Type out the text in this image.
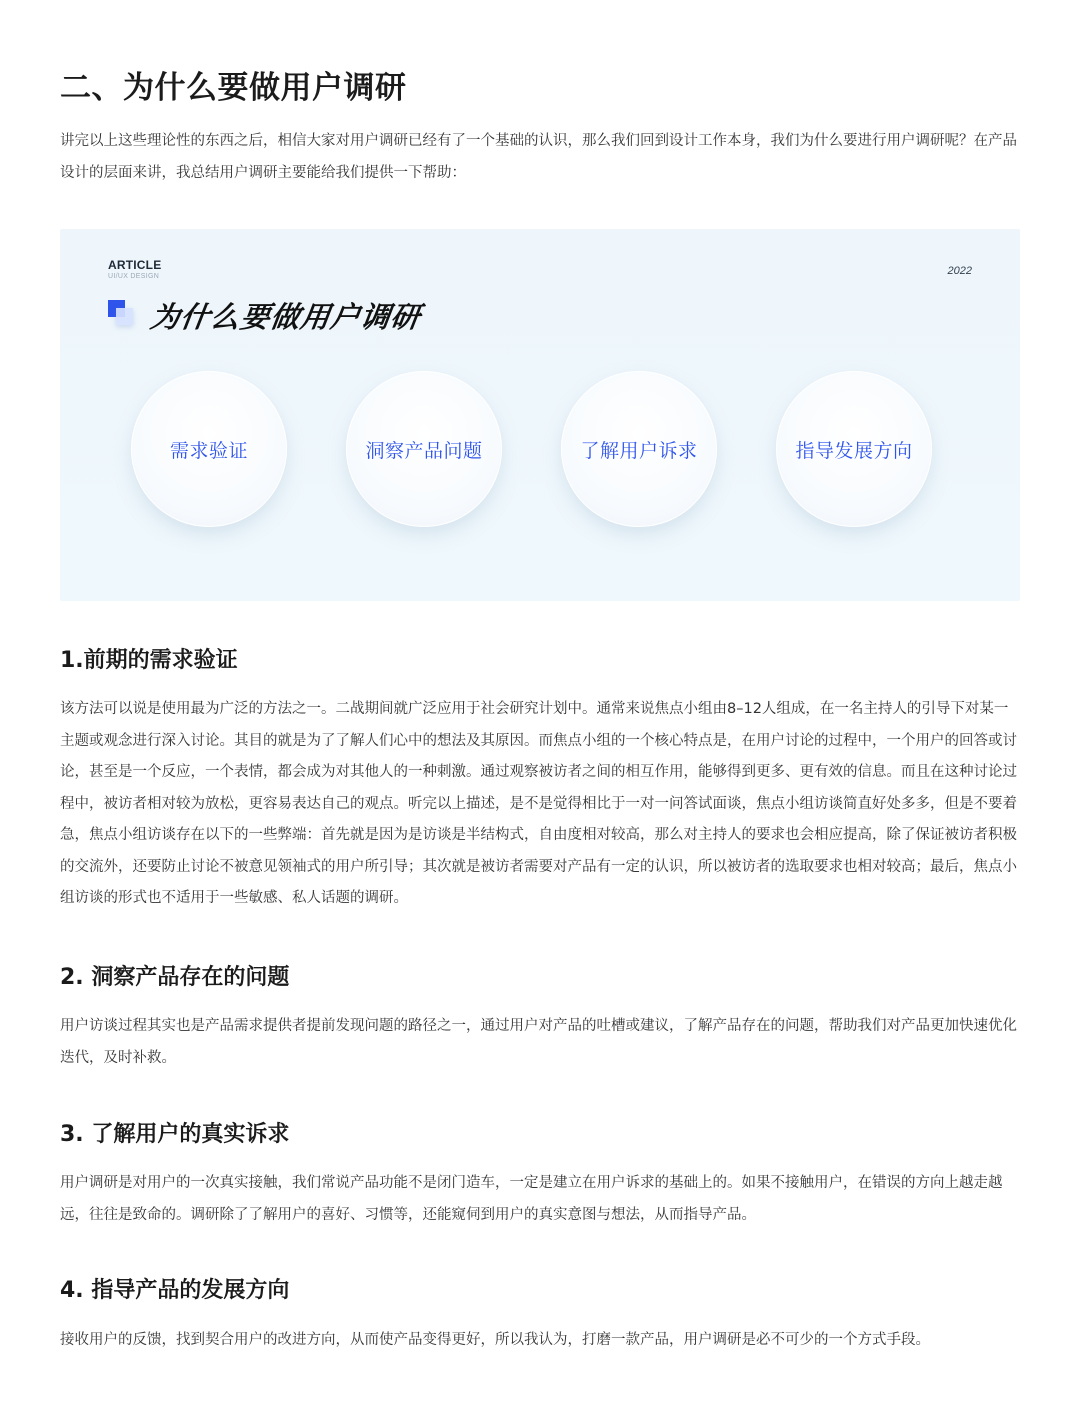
二、为什么要做用户调研
讲完以上这些理论性的东西之后，相信大家对用户调研已经有了一个基础的认识，那么我们回到设计工作本身，我们为什么要进行用户调研呢？在产品设计的层面来讲，我总结用户调研主要能给我们提供一下帮助：
ARTICLE
UI/UX DESIGN	2022
为什么要做用户调研
需求验证	洞察产品问题	了解用户诉求	指导发展方向
1.前期的需求验证
该方法可以说是使用最为广泛的方法之一。二战期间就广泛应用于社会研究计划中。通常来说焦点小组由8–12人组成，在一名主持人的引导下对某一主题或观念进行深入讨论。其目的就是为了了解人们心中的想法及其原因。而焦点小组的一个核心特点是，在用户讨论的过程中，一个用户的回答或讨论，甚至是一个反应，一个表情，都会成为对其他人的一种刺激。通过观察被访者之间的相互作用，能够得到更多、更有效的信息。而且在这种讨论过程中，被访者相对较为放松，更容易表达自己的观点。听完以上描述，是不是觉得相比于一对一问答试面谈，焦点小组访谈简直好处多多，但是不要着急，焦点小组访谈存在以下的一些弊端：首先就是因为是访谈是半结构式，自由度相对较高，那么对主持人的要求也会相应提高，除了保证被访者积极的交流外，还要防止讨论不被意见领袖式的用户所引导；其次就是被访者需要对产品有一定的认识，所以被访者的选取要求也相对较高；最后，焦点小组访谈的形式也不适用于一些敏感、私人话题的调研。
2. 洞察产品存在的问题
用户访谈过程其实也是产品需求提供者提前发现问题的路径之一，通过用户对产品的吐槽或建议，了解产品存在的问题，帮助我们对产品更加快速优化迭代，及时补救。
3. 了解用户的真实诉求
用户调研是对用户的一次真实接触，我们常说产品功能不是闭门造车，一定是建立在用户诉求的基础上的。如果不接触用户，在错误的方向上越走越远，往往是致命的。调研除了了解用户的喜好、习惯等，还能窥伺到用户的真实意图与想法，从而指导产品。
4. 指导产品的发展方向
接收用户的反馈，找到契合用户的改进方向，从而使产品变得更好，所以我认为，打磨一款产品，用户调研是必不可少的一个方式手段。
